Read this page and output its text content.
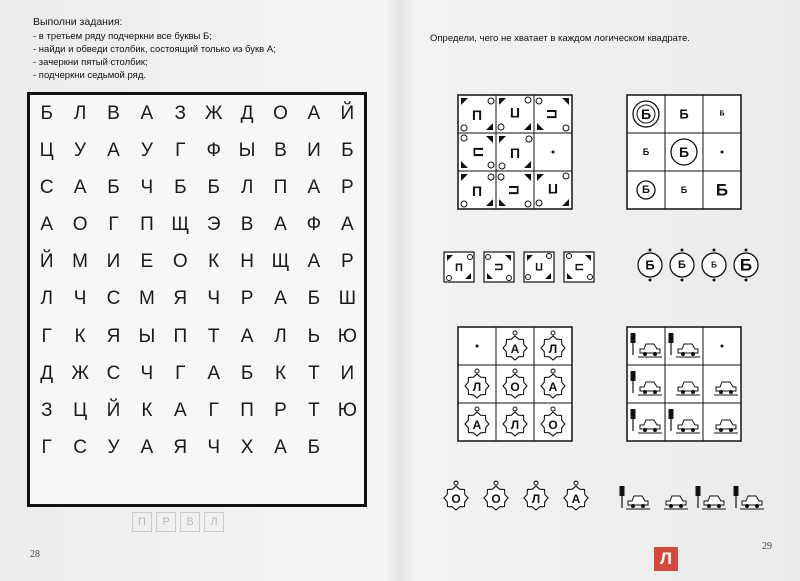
Выполни задания:
- в третьем ряду подчеркни все буквы Б;
- найди и обведи столбик, состоящий только из букв А;
- зачеркни пятый столбик;
- подчеркни седьмой ряд.
Б	Л	В	А	З Ж Д	О	А	Й
Ц	У	А	У	Г	Ф Ы В	И	Б
С	А	Б	Ч	Б	Б	Л	П	А	Р
А	О	Г	П Щ Э	В	А	Ф	А
Й М И	Е	О	К	Н Щ А	Р
Л	Ч	С М Я	Ч	Р	А	Б Ш
Г	К	Я Ы П	Т	А	Л	Ь Ю
Д Ж С	Ч	Г	А	Б	К	Т	И
З	Ц	Й	К	А	Г	П	Р	Т Ю
Г	С	У	А	Я	Ч	Х	А	Б
П	Р	В	Л
28
Определи, чего не хватает в каждом логическом квадрате.
П П П
П П
П П П
П	П	П	П
Б Б	Б
Б Б
Б	Б Б
Б Б	Б Б
А Л
Л О А
А Л О
О	О	Л	А
29
Л
